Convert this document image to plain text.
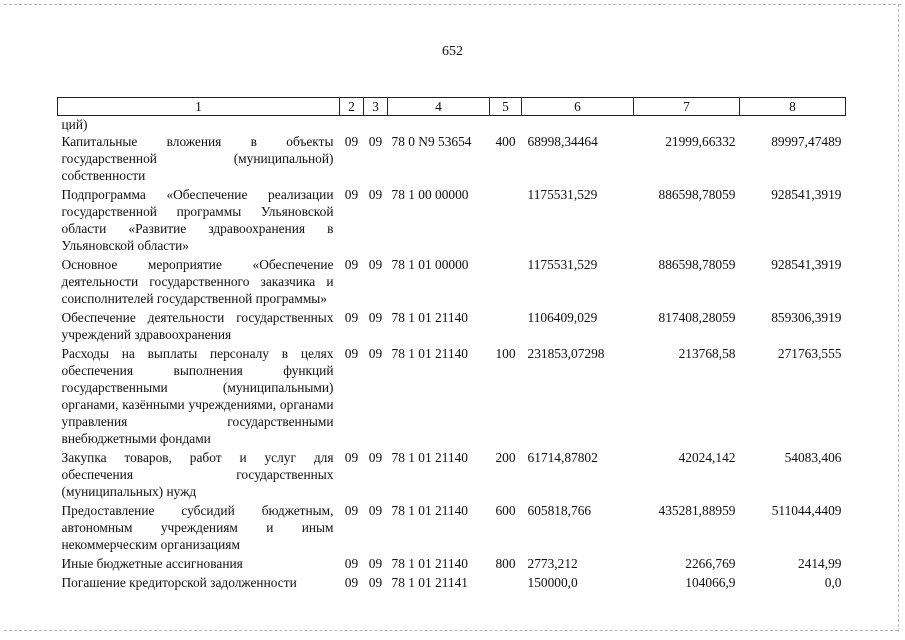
652
1	2	3	4	5	6	7	8
ций)							
Капитальные вложения в объекты государственной (муниципальной) собственности	09	09	78 0 N9 53654	400	68998,34464	21999,66332	89997,47489
Подпрограмма «Обеспечение реализации государственной программы Ульяновской области «Развитие здравоохранения в Ульяновской области»	09	09	78 1 00 00000		1175531,529	886598,78059	928541,3919
Основное мероприятие «Обеспечение деятельности государственного заказчика и соисполнителей государственной программы»	09	09	78 1 01 00000		1175531,529	886598,78059	928541,3919
Обеспечение деятельности государственных учреждений здравоохранения	09	09	78 1 01 21140		1106409,029	817408,28059	859306,3919
Расходы на выплаты персоналу в целях обеспечения выполнения функций государственными (муниципальными) органами, казёнными учреждениями, органами управления государственными внебюджетными фондами	09	09	78 1 01 21140	100	231853,07298	213768,58	271763,555
Закупка товаров, работ и услуг для обеспечения государственных (муниципальных) нужд	09	09	78 1 01 21140	200	61714,87802	42024,142	54083,406
Предоставление субсидий бюджетным, автономным учреждениям и иным некоммерческим организациям	09	09	78 1 01 21140	600	605818,766	435281,88959	511044,4409
Иные бюджетные ассигнования	09	09	78 1 01 21140	800	2773,212	2266,769	2414,99
Погашение кредиторской задолженности	09	09	78 1 01 21141		150000,0	104066,9	0,0
